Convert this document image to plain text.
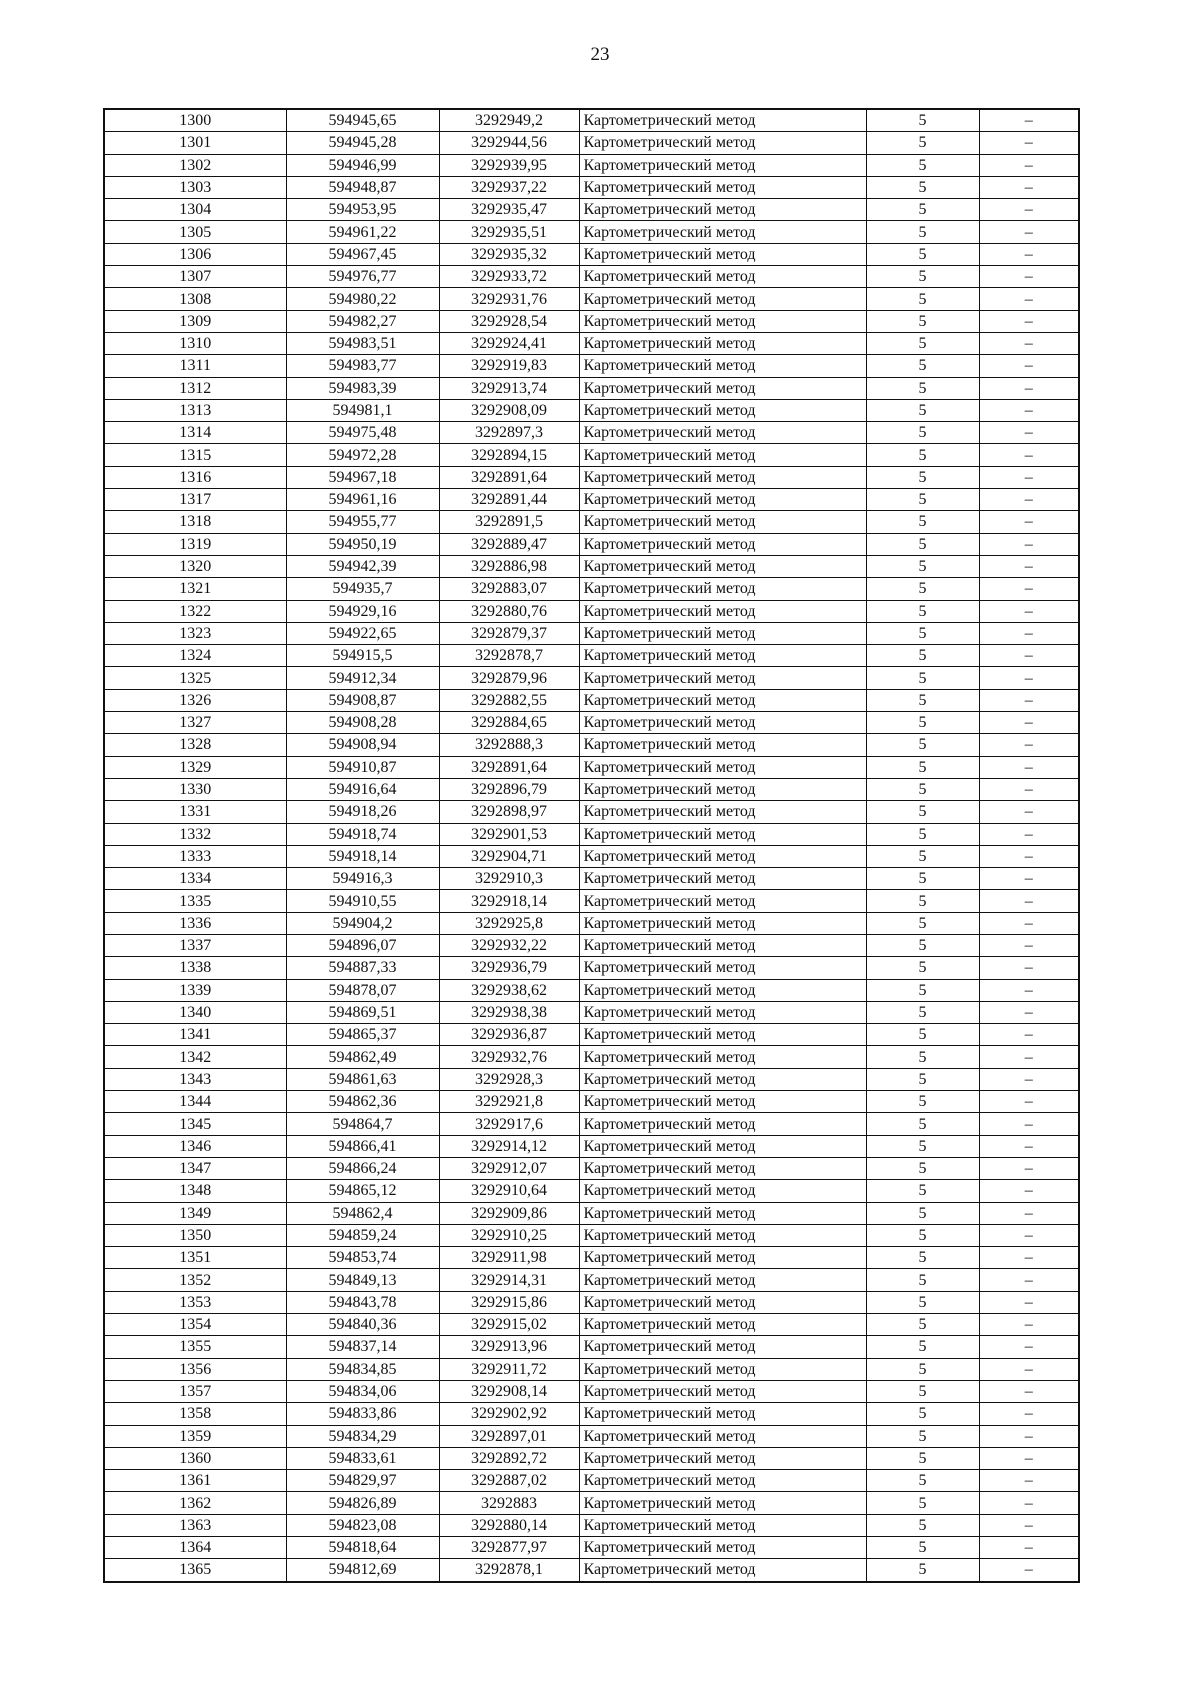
23
1300	594945,65	3292949,2	Картометрический метод	5	–
1301	594945,28	3292944,56	Картометрический метод	5	–
1302	594946,99	3292939,95	Картометрический метод	5	–
1303	594948,87	3292937,22	Картометрический метод	5	–
1304	594953,95	3292935,47	Картометрический метод	5	–
1305	594961,22	3292935,51	Картометрический метод	5	–
1306	594967,45	3292935,32	Картометрический метод	5	–
1307	594976,77	3292933,72	Картометрический метод	5	–
1308	594980,22	3292931,76	Картометрический метод	5	–
1309	594982,27	3292928,54	Картометрический метод	5	–
1310	594983,51	3292924,41	Картометрический метод	5	–
1311	594983,77	3292919,83	Картометрический метод	5	–
1312	594983,39	3292913,74	Картометрический метод	5	–
1313	594981,1	3292908,09	Картометрический метод	5	–
1314	594975,48	3292897,3	Картометрический метод	5	–
1315	594972,28	3292894,15	Картометрический метод	5	–
1316	594967,18	3292891,64	Картометрический метод	5	–
1317	594961,16	3292891,44	Картометрический метод	5	–
1318	594955,77	3292891,5	Картометрический метод	5	–
1319	594950,19	3292889,47	Картометрический метод	5	–
1320	594942,39	3292886,98	Картометрический метод	5	–
1321	594935,7	3292883,07	Картометрический метод	5	–
1322	594929,16	3292880,76	Картометрический метод	5	–
1323	594922,65	3292879,37	Картометрический метод	5	–
1324	594915,5	3292878,7	Картометрический метод	5	–
1325	594912,34	3292879,96	Картометрический метод	5	–
1326	594908,87	3292882,55	Картометрический метод	5	–
1327	594908,28	3292884,65	Картометрический метод	5	–
1328	594908,94	3292888,3	Картометрический метод	5	–
1329	594910,87	3292891,64	Картометрический метод	5	–
1330	594916,64	3292896,79	Картометрический метод	5	–
1331	594918,26	3292898,97	Картометрический метод	5	–
1332	594918,74	3292901,53	Картометрический метод	5	–
1333	594918,14	3292904,71	Картометрический метод	5	–
1334	594916,3	3292910,3	Картометрический метод	5	–
1335	594910,55	3292918,14	Картометрический метод	5	–
1336	594904,2	3292925,8	Картометрический метод	5	–
1337	594896,07	3292932,22	Картометрический метод	5	–
1338	594887,33	3292936,79	Картометрический метод	5	–
1339	594878,07	3292938,62	Картометрический метод	5	–
1340	594869,51	3292938,38	Картометрический метод	5	–
1341	594865,37	3292936,87	Картометрический метод	5	–
1342	594862,49	3292932,76	Картометрический метод	5	–
1343	594861,63	3292928,3	Картометрический метод	5	–
1344	594862,36	3292921,8	Картометрический метод	5	–
1345	594864,7	3292917,6	Картометрический метод	5	–
1346	594866,41	3292914,12	Картометрический метод	5	–
1347	594866,24	3292912,07	Картометрический метод	5	–
1348	594865,12	3292910,64	Картометрический метод	5	–
1349	594862,4	3292909,86	Картометрический метод	5	–
1350	594859,24	3292910,25	Картометрический метод	5	–
1351	594853,74	3292911,98	Картометрический метод	5	–
1352	594849,13	3292914,31	Картометрический метод	5	–
1353	594843,78	3292915,86	Картометрический метод	5	–
1354	594840,36	3292915,02	Картометрический метод	5	–
1355	594837,14	3292913,96	Картометрический метод	5	–
1356	594834,85	3292911,72	Картометрический метод	5	–
1357	594834,06	3292908,14	Картометрический метод	5	–
1358	594833,86	3292902,92	Картометрический метод	5	–
1359	594834,29	3292897,01	Картометрический метод	5	–
1360	594833,61	3292892,72	Картометрический метод	5	–
1361	594829,97	3292887,02	Картометрический метод	5	–
1362	594826,89	3292883	Картометрический метод	5	–
1363	594823,08	3292880,14	Картометрический метод	5	–
1364	594818,64	3292877,97	Картометрический метод	5	–
1365	594812,69	3292878,1	Картометрический метод	5	–
